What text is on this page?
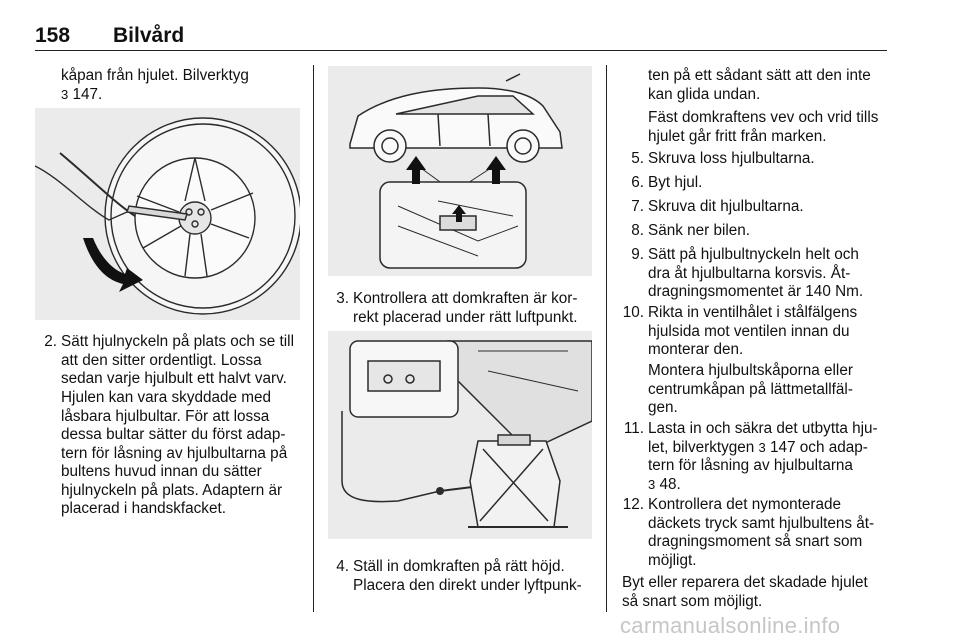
158 Bilvård
kåpan från hjulet. Bilverktyg
3 147.
2. Sätt hjulnyckeln på plats och se till
att den sitter ordentligt. Lossa
sedan varje hjulbult ett halvt varv.
Hjulen kan vara skyddade med
låsbara hjulbultar. För att lossa
dessa bultar sätter du först adap-
tern för låsning av hjulbultarna på
bultens huvud innan du sätter
hjulnyckeln på plats. Adaptern är
placerad i handskfacket.
3. Kontrollera att domkraften är kor-
rekt placerad under rätt luftpunkt.
4. Ställ in domkraften på rätt höjd.
Placera den direkt under lyftpunk-
ten på ett sådant sätt att den inte
kan glida undan.
Fäst domkraftens vev och vrid tills
hjulet går fritt från marken.
5. Skruva loss hjulbultarna.
6. Byt hjul.
7. Skruva dit hjulbultarna.
8. Sänk ner bilen.
9. Sätt på hjulbultnyckeln helt och
dra åt hjulbultarna korsvis. Åt-
dragningsmomentet är 140 Nm.
10. Rikta in ventilhålet i stålfälgens
hjulsida mot ventilen innan du
monterar den.
Montera hjulbultskåporna eller
centrumkåpan på lättmetallfäl-
gen.
11. Lasta in och säkra det utbytta hju-
let, bilverktygen 3 147 och adap-
tern för låsning av hjulbultarna
3 48.
12. Kontrollera det nymonterade
däckets tryck samt hjulbultens åt-
dragningsmoment så snart som
möjligt.
Byt eller reparera det skadade hjulet
så snart som möjligt.
carmanualsonline.info
